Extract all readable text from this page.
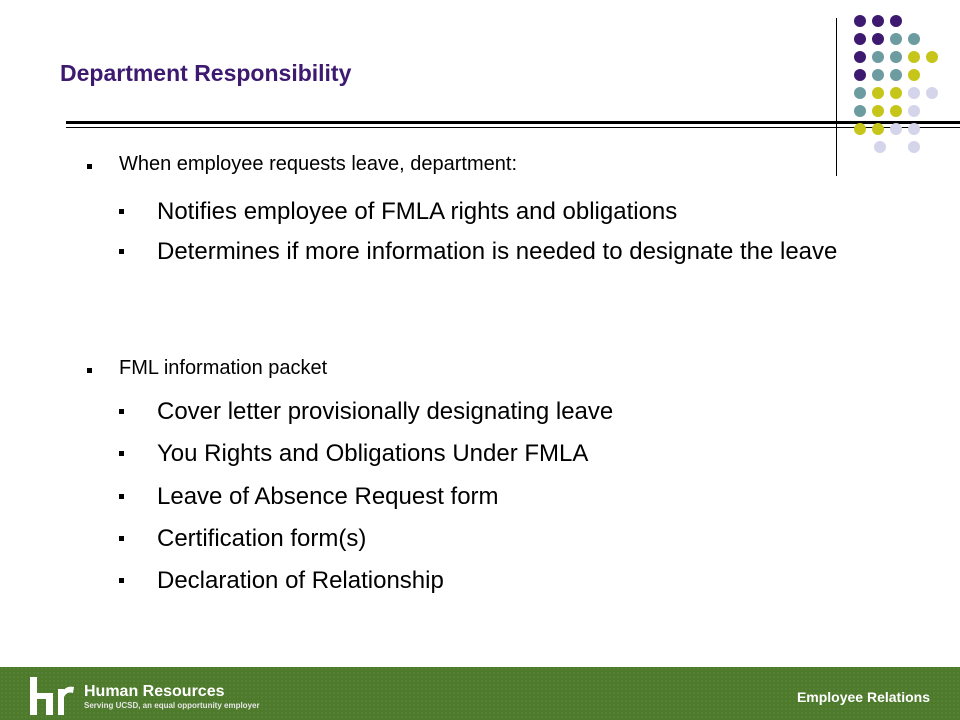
Department Responsibility
When employee requests leave, department:
Notifies employee of FMLA rights and obligations
Determines if more information is needed to designate the leave
FML information packet
Cover letter provisionally designating leave
You Rights and Obligations Under FMLA
Leave of Absence Request form
Certification form(s)
Declaration of Relationship
Human Resources
Serving UCSD, an equal opportunity employer
Employee Relations
